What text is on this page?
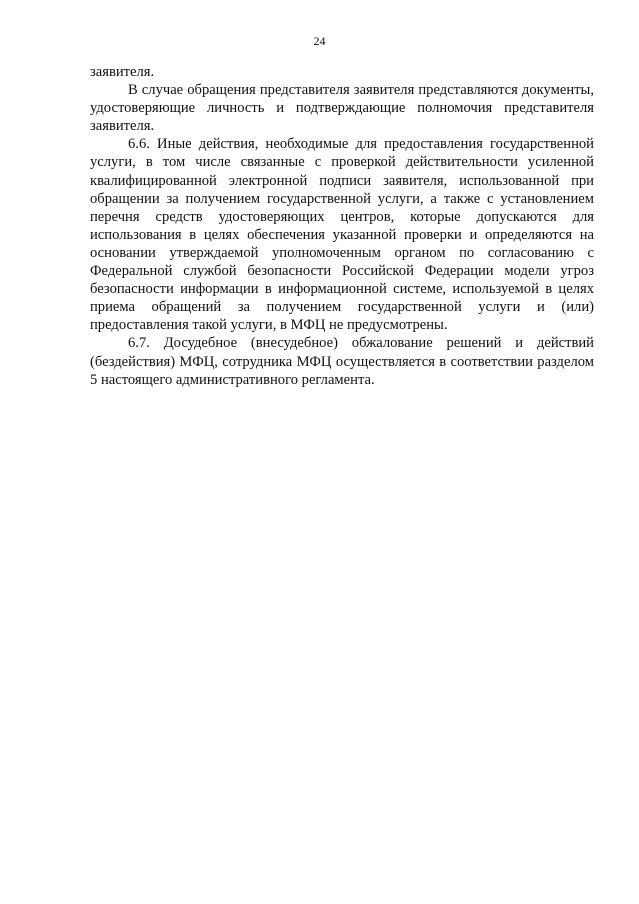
24

заявителя.

В случае обращения представителя заявителя представляются документы, удостоверяющие личность и подтверждающие полномочия представителя заявителя.

6.6. Иные действия, необходимые для предоставления государственной услуги, в том числе связанные с проверкой действительности усиленной квалифицированной электронной подписи заявителя, использованной при обращении за получением государственной услуги, а также с установлением перечня средств удостоверяющих центров, которые допускаются для использования в целях обеспечения указанной проверки и определяются на основании утверждаемой уполномоченным органом по согласованию с Федеральной службой безопасности Российской Федерации модели угроз безопасности информации в информационной системе, используемой в целях приема обращений за получением государственной услуги и (или) предоставления такой услуги, в МФЦ не предусмотрены.

6.7. Досудебное (внесудебное) обжалование решений и действий (бездействия) МФЦ, сотрудника МФЦ осуществляется в соответствии разделом 5 настоящего административного регламента.
